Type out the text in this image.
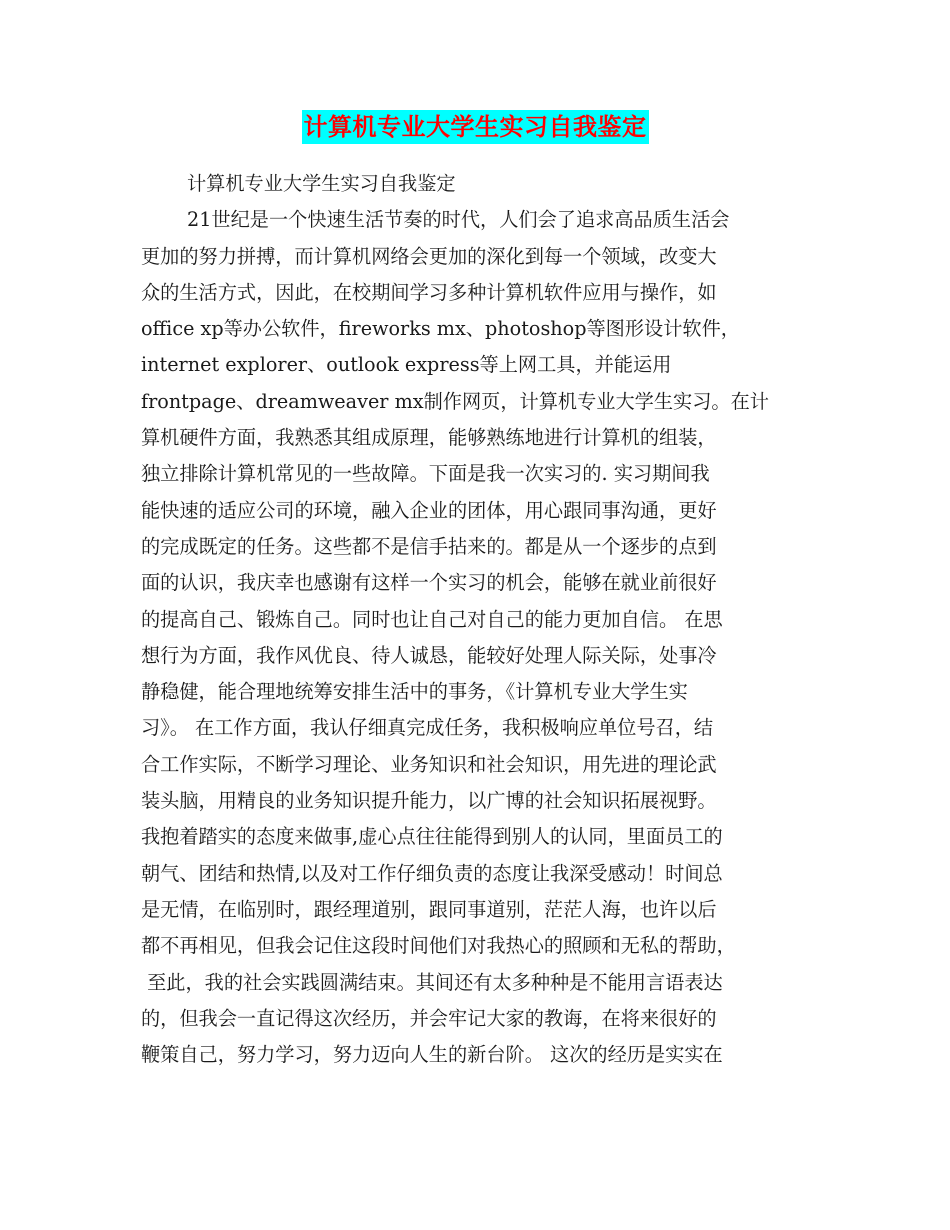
计算机专业大学生实习自我鉴定
计算机专业大学生实习自我鉴定
21世纪是一个快速生活节奏的时代，人们会了追求高品质生活会
更加的努力拼搏，而计算机网络会更加的深化到每一个领域，改变大
众的生活方式，因此，在校期间学习多种计算机软件应用与操作，如
office xp等办公软件，fireworks mx、photoshop等图形设计软件，
internet explorer、outlook express等上网工具，并能运用
frontpage、dreamweaver mx制作网页，计算机专业大学生实习。在计
算机硬件方面，我熟悉其组成原理，能够熟练地进行计算机的组装，
独立排除计算机常见的一些故障。下面是我一次实习的. 实习期间我
能快速的适应公司的环境，融入企业的团体，用心跟同事沟通，更好
的完成既定的任务。这些都不是信手拈来的。都是从一个逐步的点到
面的认识，我庆幸也感谢有这样一个实习的机会，能够在就业前很好
的提高自己、锻炼自己。同时也让自己对自己的能力更加自信。 在思
想行为方面，我作风优良、待人诚恳，能较好处理人际关际，处事冷
静稳健，能合理地统筹安排生活中的事务，《计算机专业大学生实
习》。 在工作方面，我认仔细真完成任务，我积极响应单位号召，结
合工作实际，不断学习理论、业务知识和社会知识，用先进的理论武
装头脑，用精良的业务知识提升能力，以广博的社会知识拓展视野。
我抱着踏实的态度来做事,虚心点往往能得到别人的认同，里面员工的
朝气、团结和热情,以及对工作仔细负责的态度让我深受感动！时间总
是无情，在临别时，跟经理道别，跟同事道别，茫茫人海，也许以后
都不再相见，但我会记住这段时间他们对我热心的照顾和无私的帮助，
至此，我的社会实践圆满结束。其间还有太多种种是不能用言语表达
的，但我会一直记得这次经历，并会牢记大家的教诲，在将来很好的
鞭策自己，努力学习，努力迈向人生的新台阶。 这次的经历是实实在
